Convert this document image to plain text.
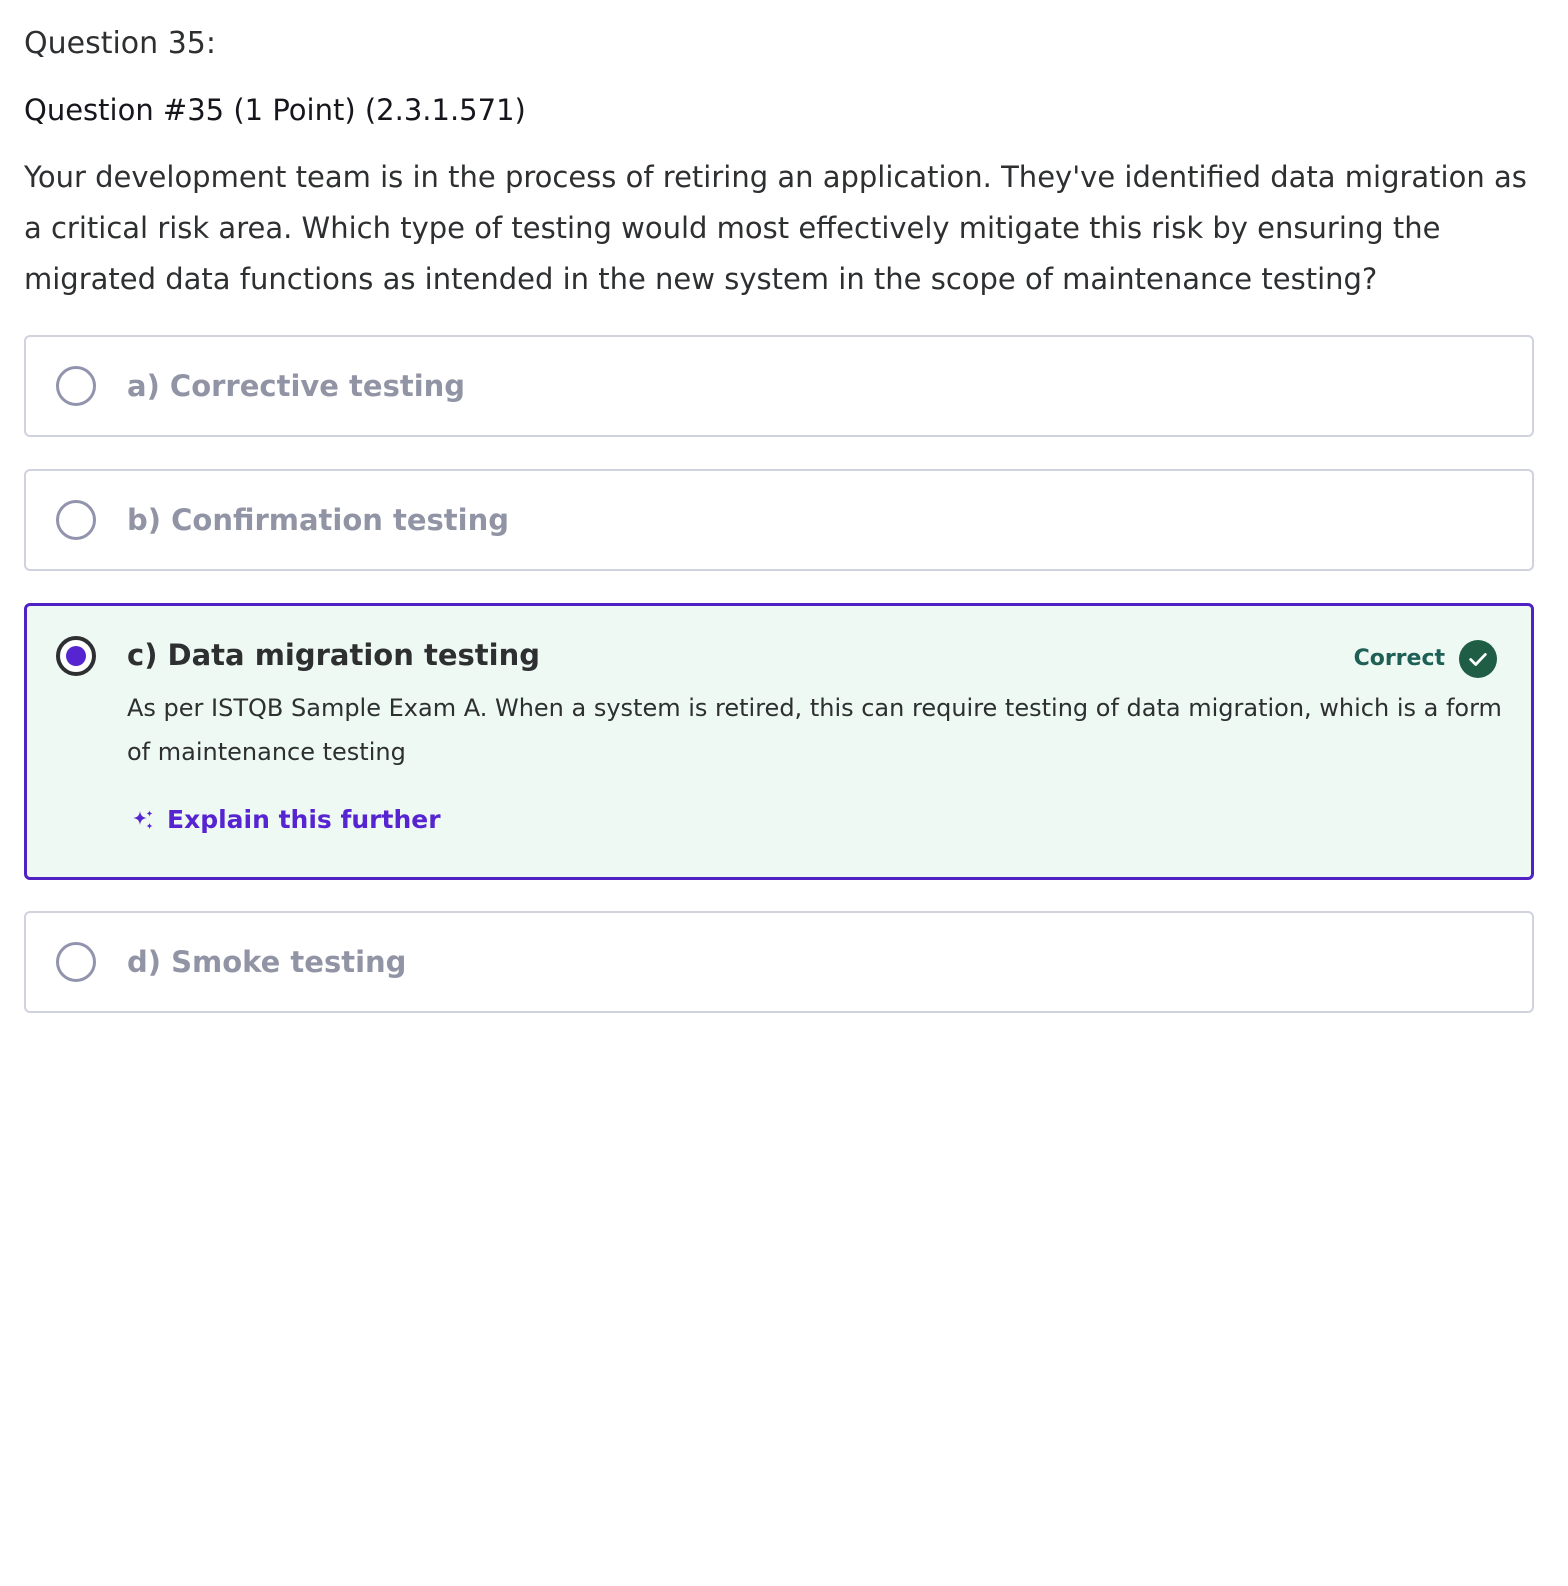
Question 35:
Question #35 (1 Point) (2.3.1.571)

Your development team is in the process of retiring an application. They've identified data migration as a critical risk area. Which type of testing would most effectively mitigate this risk by ensuring the migrated data functions as intended in the new system in the scope of maintenance testing?

a) Corrective testing
b) Confirmation testing
c) Data migration testing	Correct

As per ISTQB Sample Exam A. When a system is retired, this can require testing of data migration, which is a form of maintenance testing

Explain this further
d) Smoke testing
